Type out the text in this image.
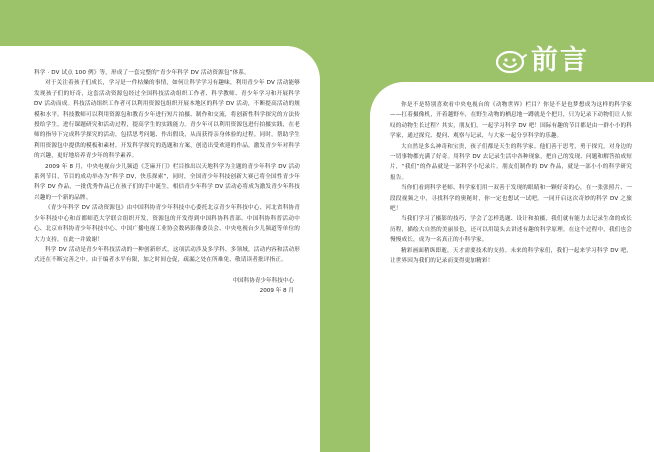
科学 · DV 试点 100 例》等，形成了一套完整的“青少年科学 DV 活动资源包”体系。

对于关注着孩子们成长，学习是一件枯燥的事情，如何让科学学习有趣味，利用青少年 DV 活动能够发现孩子们的好奇，这套活动资源包经过全国科技活动组织工作者、科学教师、青少年学习和开展科学 DV 活动而成。科技活动组织工作者可以利用资源包组织开展本地区的科学 DV 活动，不断提高活动的规模和水平。科技教师可以利用资源包和教育少年进行短片拍摄、制作和交流，将创新性科学探究的方法传授给学生，进行课题研究和活动过程，提高学生的实践能力。青少年可以利用资源包进行拍摄实践，在老师的指导下完成科学探究的活动，包括思考问题、作出假设，从而获得亲身体验的过程。同时，帮助学生利用资源包中提供的模板和素材，开发科学探究的选题和方案，创造出受欢迎的作品，激发青少年对科学的兴趣，更好地培养青少年的科学素养。

2009 年 8 月，中央电视台少儿频道《芝麻开门》栏目推出以天地科学为主题的青少年科学 DV 活动系列节目，节目的成功举办为“科学 DV，快乐探索”，同时，全国青少年科技创新大赛已将全国性青少年科学 DV 作品，一批优秀作品已在孩子们的手中诞生，相信青少年科学 DV 活动必将成为激发青少年科技兴趣的一个新的品牌。

《青少年科学 DV 活动资源包》由中国科协青少年科技中心委托北京青少年科技中心、河北省科协青少年科技中心和首都师范大学联合组织开发，资源包的开发得到中国科协科普部、中国科协科普活动中心、北京市科协青少年科技中心、中国广播电视工业协会数码影像委员会、中央电视台少儿频道等单位的大力支持，在此一并致谢！

科学 DV 活动是青少年科技活动的一种创新形式，这项活动涉及多学科、多领域，活动内容和活动形式还在不断完善之中。由于编者水平有限，加之时间仓促，疏漏之处在所难免，敬请读者批评指正。

中国科协青少年科技中心

2009 年 8 月

前言

你是不是特别喜欢看中央电视台的《动物世界》栏目？你是不是也梦想成为这样的科学家——扛着摄像机，开着越野车，在野生动物的栖息地一蹲就是个把月，只为记录下动物们让人惊叹的动物生长过程？其实，朋友们，一起学习科学 DV 吧！国际有趣的节目都是由一群小小的科学家，通过探究、提问、观察与记录，与大家一起分享科学的乐趣。

大自然是多么神奇和宝贵，孩子们都是天生的科学家。他们善于思考，勇于探究，对身边的一切事物都充满了好奇。用科学 DV 去记录生活中各种现象，把自己的发现、问题和解答拍成短片，“我们”的作品就是一部科学小纪录片。朋友们制作的 DV 作品，就是一部小小的科学研究报告。

当你们看到科学老师、科学家们用一双善于发现的眼睛和一颗好奇的心，在一张张照片、一段段视频之中，寻找科学的奥秘时，你一定也想试一试吧。一同开启这次奇妙的科学 DV 之旅吧！

当我们学习了摄影的技巧，学会了怎样选题、设计和拍摄，我们就有能力去记录生命的成长历程，描绘大自然的美丽景色，还可以用镜头去讲述有趣的科学原理。在这个过程中，我们也会慢慢成长，成为一名真正的小科学家。

精彩画面稍纵即逝，天才需要技术的支持。未来的科学家们，我们一起来学习科学 DV 吧，让世界因为我们的记录而变得更加精彩！
